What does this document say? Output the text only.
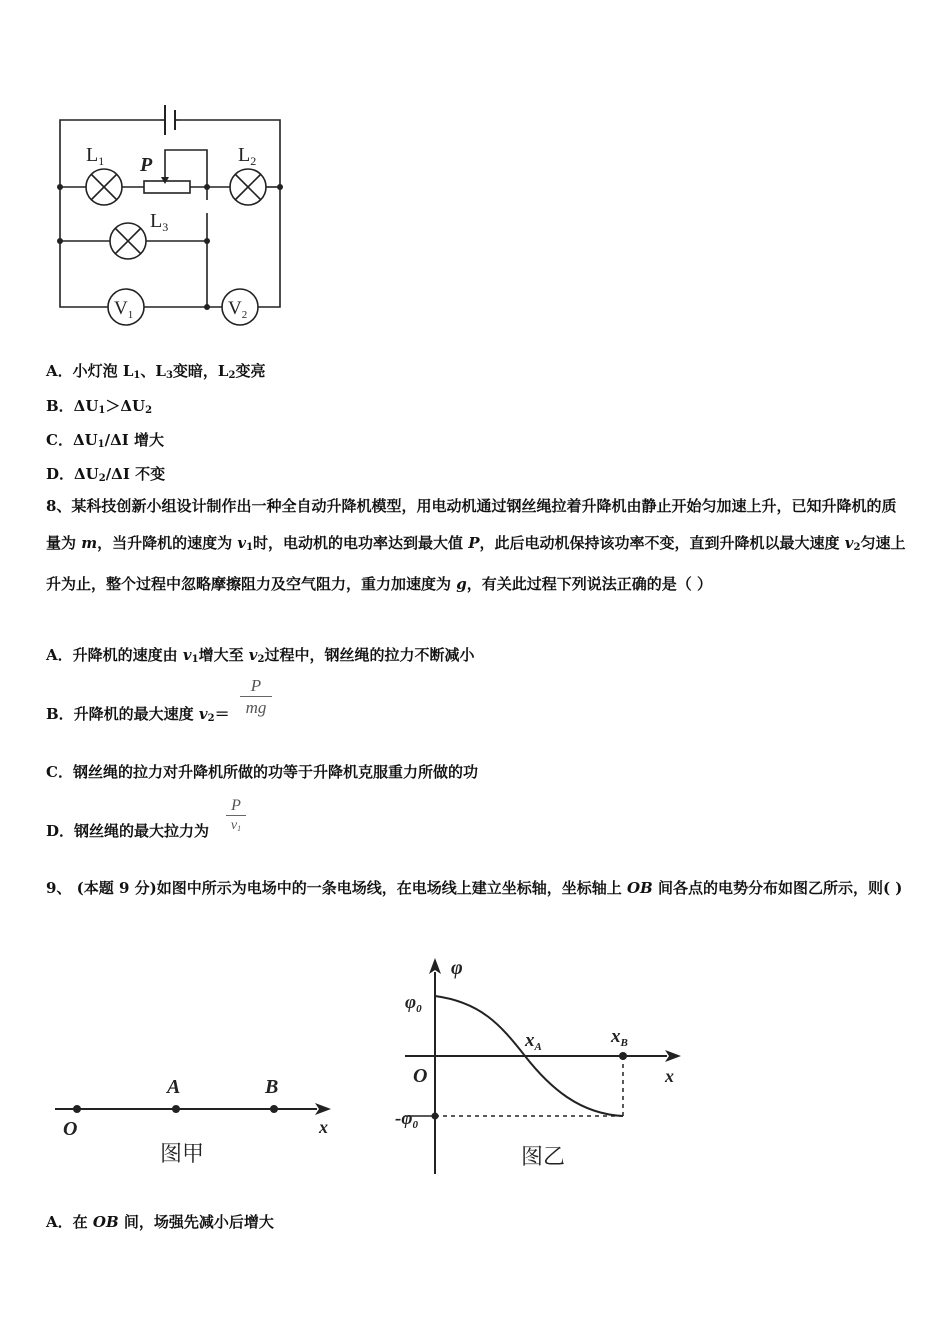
$L_1$	$L_2$
$L_3$
P
$V_1$	$V_2$
A．小灯泡 $L_1$、$L_3$变暗，$L_2$变亮
B．$\Delta U_1>\Delta U_2$
C．$\Delta U_1/\Delta I$ 增大
D．$\Delta U_2/\Delta I$ 不变
8、某科技创新小组设计制作出一种全自动升降机模型，用电动机通过钢丝绳拉着升降机由静止开始匀加速上升，已知升降机的质量为 m，当升降机的速度为 $v_1$时，电动机的电功率达到最大值 P，此后电动机保持该功率不变，直到升降机以最大速度 $v_2$匀速上升为止，整个过程中忽略摩擦阻力及空气阻力，重力加速度为 g，有关此过程下列说法正确的是（ ）
A．升降机的速度由 $v_1$增大至 $v_2$过程中，钢丝绳的拉力不断减小
B．升降机的最大速度 $v_2= \frac{P}{mg}$
C．钢丝绳的拉力对升降机所做的功等于升降机克服重力所做的功
D．钢丝绳的最大拉力为 $\frac{P}{v_1}$
9、 (本题 9 分)如图中所示为电场中的一条电场线，在电场线上建立坐标轴，坐标轴上 OB 间各点的电势分布如图乙所示，则( )
O
A	B
x
图甲
φ
$\varphi_0$
$-\varphi_0$
O
$x_A$	$x_B$
x
图乙
A．在 OB 间，场强先减小后增大
